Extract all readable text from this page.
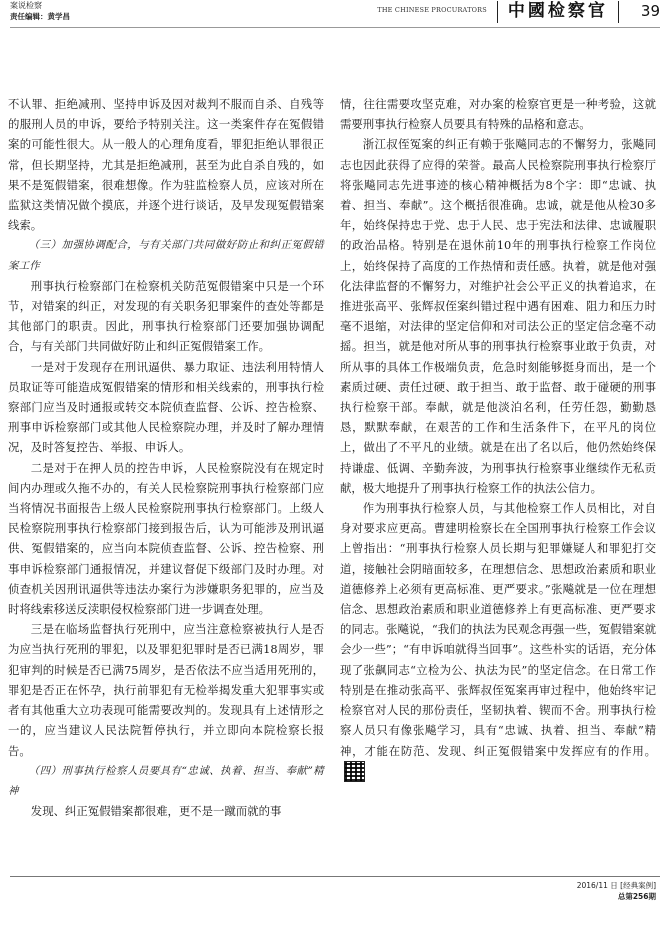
案说检察
责任编辑：黄学昌
THE CHINESE PROCURATORS 中國检察官 39

不认罪、拒绝减刑、坚持申诉及因对裁判不服而自杀、自残等的服刑人员的申诉，要给予特别关注。这一类案件存在冤假错案的可能性很大。从一般人的心理角度看，罪犯拒绝认罪很正常，但长期坚持，尤其是拒绝减刑，甚至为此自杀自残的，如果不是冤假错案，很难想像。作为驻监检察人员，应该对所在监狱这类情况做个摸底，并逐个进行谈话，及早发现冤假错案线索。

（三）加强协调配合，与有关部门共同做好防止和纠正冤假错案工作

刑事执行检察部门在检察机关防范冤假错案中只是一个环节，对错案的纠正，对发现的有关职务犯罪案件的查处等都是其他部门的职责。因此，刑事执行检察部门还要加强协调配合，与有关部门共同做好防止和纠正冤假错案工作。

一是对于发现存在刑讯逼供、暴力取证、违法利用特情人员取证等可能造成冤假错案的情形和相关线索的，刑事执行检察部门应当及时通报或转交本院侦查监督、公诉、控告检察、刑事申诉检察部门或其他人民检察院办理，并及时了解办理情况，及时答复控告、举报、申诉人。

二是对于在押人员的控告申诉，人民检察院没有在规定时间内办理或久拖不办的，有关人民检察院刑事执行检察部门应当将情况书面报告上级人民检察院刑事执行检察部门。上级人民检察院刑事执行检察部门接到报告后，认为可能涉及刑讯逼供、冤假错案的，应当向本院侦查监督、公诉、控告检察、刑事申诉检察部门通报情况，并建议督促下级部门及时办理。对侦查机关因刑讯逼供等违法办案行为涉嫌职务犯罪的，应当及时将线索移送反渎职侵权检察部门进一步调查处理。

三是在临场监督执行死刑中，应当注意检察被执行人是否为应当执行死刑的罪犯，以及罪犯犯罪时是否已满18周岁，罪犯审判的时候是否已满75周岁，是否依法不应当适用死刑的，罪犯是否正在怀孕，执行前罪犯有无检举揭发重大犯罪事实或者有其他重大立功表现可能需要改判的。发现具有上述情形之一的，应当建议人民法院暂停执行，并立即向本院检察长报告。

（四）刑事执行检察人员要具有“忠诚、执着、担当、奉献”精神

发现、纠正冤假错案都很难，更不是一蹴而就的事

情，往往需要攻坚克难，对办案的检察官更是一种考验，这就需要刑事执行检察人员要具有特殊的品格和意志。

浙江叔侄冤案的纠正有赖于张飚同志的不懈努力，张飚同志也因此获得了应得的荣誉。最高人民检察院刑事执行检察厅将张飚同志先进事迹的核心精神概括为8个字：即“忠诚、执着、担当、奉献”。这个概括很准确。忠诚，就是他从检30多年，始终保持忠于党、忠于人民、忠于宪法和法律、忠诚履职的政治品格。特别是在退休前10年的刑事执行检察工作岗位上，始终保持了高度的工作热情和责任感。执着，就是他对强化法律监督的不懈努力，对维护社会公平正义的执着追求，在推进张高平、张辉叔侄案纠错过程中遇有困难、阻力和压力时毫不退缩，对法律的坚定信仰和对司法公正的坚定信念毫不动摇。担当，就是他对所从事的刑事执行检察事业敢于负责，对所从事的具体工作极端负责，危急时刻能够挺身而出，是一个素质过硬、责任过硬、敢于担当、敢于监督、敢于碰硬的刑事执行检察干部。奉献，就是他淡泊名利，任劳任怨，勤勤恳恳，默默奉献，在艰苦的工作和生活条件下，在平凡的岗位上，做出了不平凡的业绩。就是在出了名以后，他仍然始终保持谦虚、低调、辛勤奔波，为刑事执行检察事业继续作无私贡献，极大地提升了刑事执行检察工作的执法公信力。

作为刑事执行检察人员，与其他检察工作人员相比，对自身对要求应更高。曹建明检察长在全国刑事执行检察工作会议上曾指出：“刑事执行检察人员长期与犯罪嫌疑人和罪犯打交道，接触社会阴暗面较多，在理想信念、思想政治素质和职业道德修养上必须有更高标准、更严要求。”张飚就是一位在理想信念、思想政治素质和职业道德修养上有更高标准、更严要求的同志。张飚说，“我们的执法为民观念再强一些，冤假错案就会少一些”；“有申诉咱就得当回事”。这些朴实的话语，充分体现了张飙同志“立检为公、执法为民”的坚定信念。在日常工作特别是在推动张高平、张辉叔侄冤案再审过程中，他始终牢记检察官对人民的那份责任，坚韧执着、锲而不舍。刑事执行检察人员只有像张飚学习，具有“忠诚、执着、担当、奉献”精神，才能在防范、发现、纠正冤假错案中发挥应有的作用。

2016/11 日 [经典案例]
总第256期
